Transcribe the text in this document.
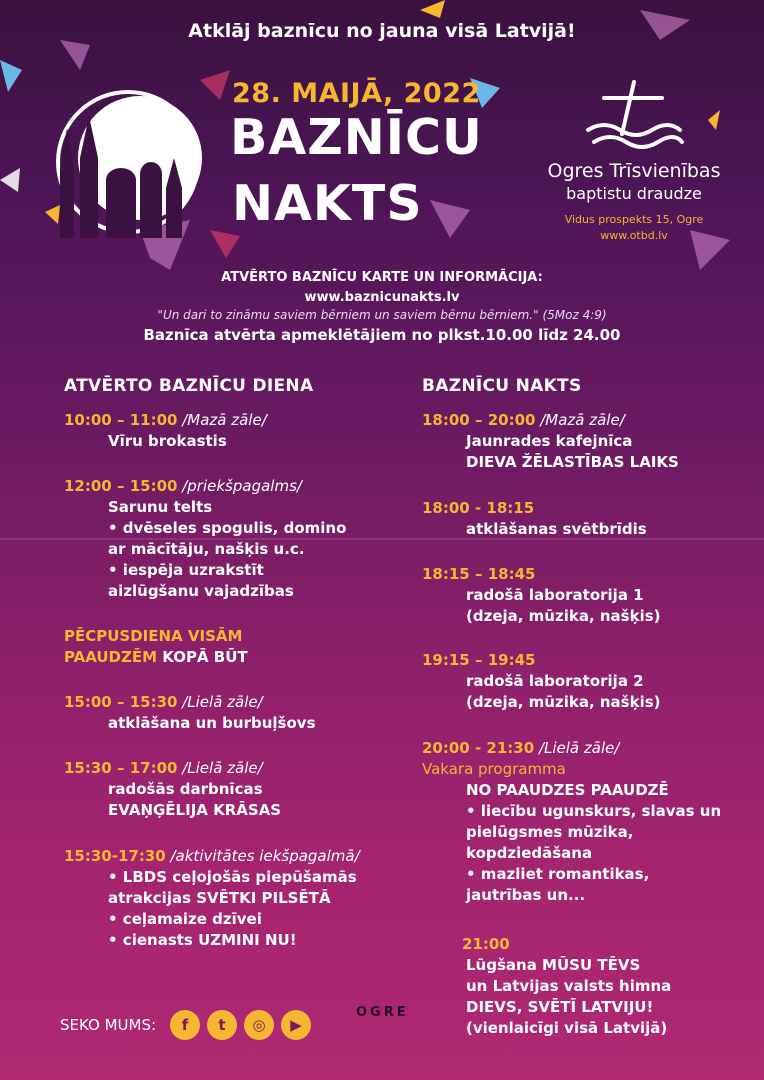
Atklāj baznīcu no jauna visā Latvijā!
28. MAIJĀ, 2022
BAZNĪCU
NAKTS
Ogres Trīsvienības
baptistu draudze
Vidus prospekts 15, Ogre
www.otbd.lv
ATVĒRTO BAZNĪCU KARTE UN INFORMĀCIJA:
www.baznicunakts.lv
"Un dari to zināmu saviem bērniem un saviem bērnu bērniem." (5Moz 4:9)
Baznīca atvērta apmeklētājiem no plkst.10.00 līdz 24.00
ATVĒRTO BAZNĪCU DIENA
10:00 – 11:00 /Mazā zāle/
Vīru brokastis
12:00 – 15:00 /priekšpagalms/
Sarunu telts
• dvēseles spogulis, domino
ar mācītāju, našķis u.c.
• iespēja uzrakstīt
aizlūgšanu vajadzības
PĒCPUSDIENA VISĀM
PAAUDZĒM KOPĀ BŪT
15:00 – 15:30 /Lielā zāle/
atklāšana un burbuļšovs
15:30 – 17:00 /Lielā zāle/
radošās darbnīcas
EVAŅĢĒLIJA KRĀSAS
15:30-17:30 /aktivitātes iekšpagalmā/
• LBDS ceļojošās piepūšamās
atrakcijas SVĒTKI PILSĒTĀ
• ceļamaize dzīvei
• cienasts UZMINI NU!
BAZNĪCU NAKTS
18:00 – 20:00 /Mazā zāle/
Jaunrades kafejnīca
DIEVA ŽĒLASTĪBAS LAIKS
18:00 - 18:15
atklāšanas svētbrīdis
18:15 – 18:45
radošā laboratorija 1
(dzeja, mūzika, našķis)
19:15 – 19:45
radošā laboratorija 2
(dzeja, mūzika, našķis)
20:00 - 21:30 /Lielā zāle/
Vakara programma
NO PAAUDZES PAAUDZĒ
• liecību ugunskurs, slavas un
pielūgsmes mūzika,
kopdziedāšana
• mazliet romantikas,
jautrības un...
21:00
Lūgšana MŪSU TĒVS
un Latvijas valsts himna
DIEVS, SVĒTĪ LATVIJU!
(vienlaicīgi visā Latvijā)
SEKO MUMS:	f	t	◎	▶
OGRE
